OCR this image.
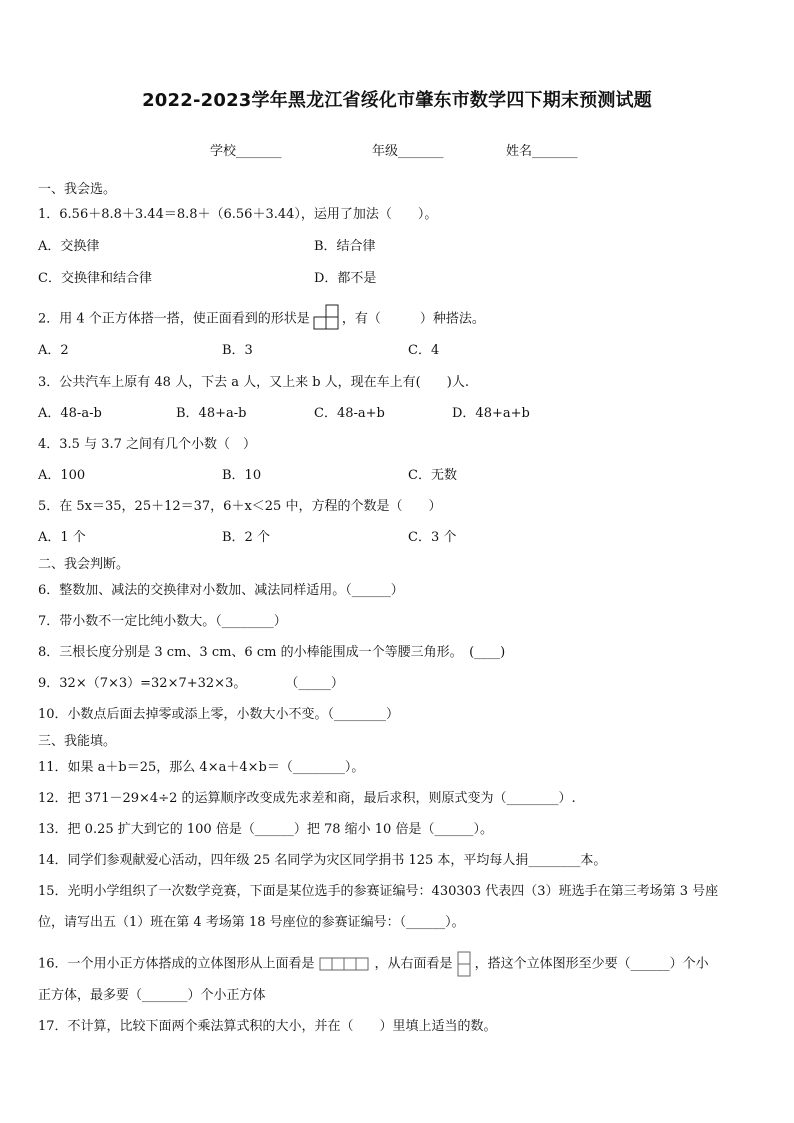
2022-2023学年黑龙江省绥化市肇东市数学四下期末预测试题
学校_______	年级_______	姓名_______
一、我会选。
1．6.56＋8.8＋3.44＝8.8＋（6.56＋3.44），运用了加法（　　）。
A．交换律	B．结合律
C．交换律和结合律	D．都不是
2．用 4 个正方体搭一搭，使正面看到的形状是 ，有（　　　）种搭法。
A．2	B．3	C．4
3．公共汽车上原有 48 人，下去 a 人，又上来 b 人，现在车上有(　　)人.
A．48-a-b	B．48+a-b	C．48-a+b	D．48+a+b
4．3.5 与 3.7 之间有几个小数（　）
A．100	B．10	C．无数
5．在 5x＝35，25＋12＝37，6＋x＜25 中，方程的个数是（　　）
A．1 个	B．2 个	C．3 个
二、我会判断。
6．整数加、减法的交换律对小数加、减法同样适用。（______）
7．带小数不一定比纯小数大。（________）
8．三根长度分别是 3 cm、3 cm、6 cm 的小棒能围成一个等腰三角形。　(____)
9．32×（7×3）=32×7+32×3。　　　　（_____）
10．小数点后面去掉零或添上零，小数大小不变。（________）
三、我能填。
11．如果 a＋b＝25，那么 4×a＋4×b＝（________）。
12．把 371－29×4÷2 的运算顺序改变成先求差和商，最后求积，则原式变为（________）.
13．把 0.25 扩大到它的 100 倍是（______）把 78 缩小 10 倍是（______）。
14．同学们参观献爱心活动，四年级 25 名同学为灾区同学捐书 125 本，平均每人捐________本。
15．光明小学组织了一次数学竞赛，下面是某位选手的参赛证编号：430303 代表四（3）班选手在第三考场第 3 号座
位，请写出五（1）班在第 4 考场第 18 号座位的参赛证编号：（______）。
16．一个用小正方体搭成的立体图形从上面看是	，从右面看是 ，搭这个立体图形至少要（______）个小
正方体，最多要（_______）个小正方体
17．不计算，比较下面两个乘法算式积的大小，并在（　　）里填上适当的数。
